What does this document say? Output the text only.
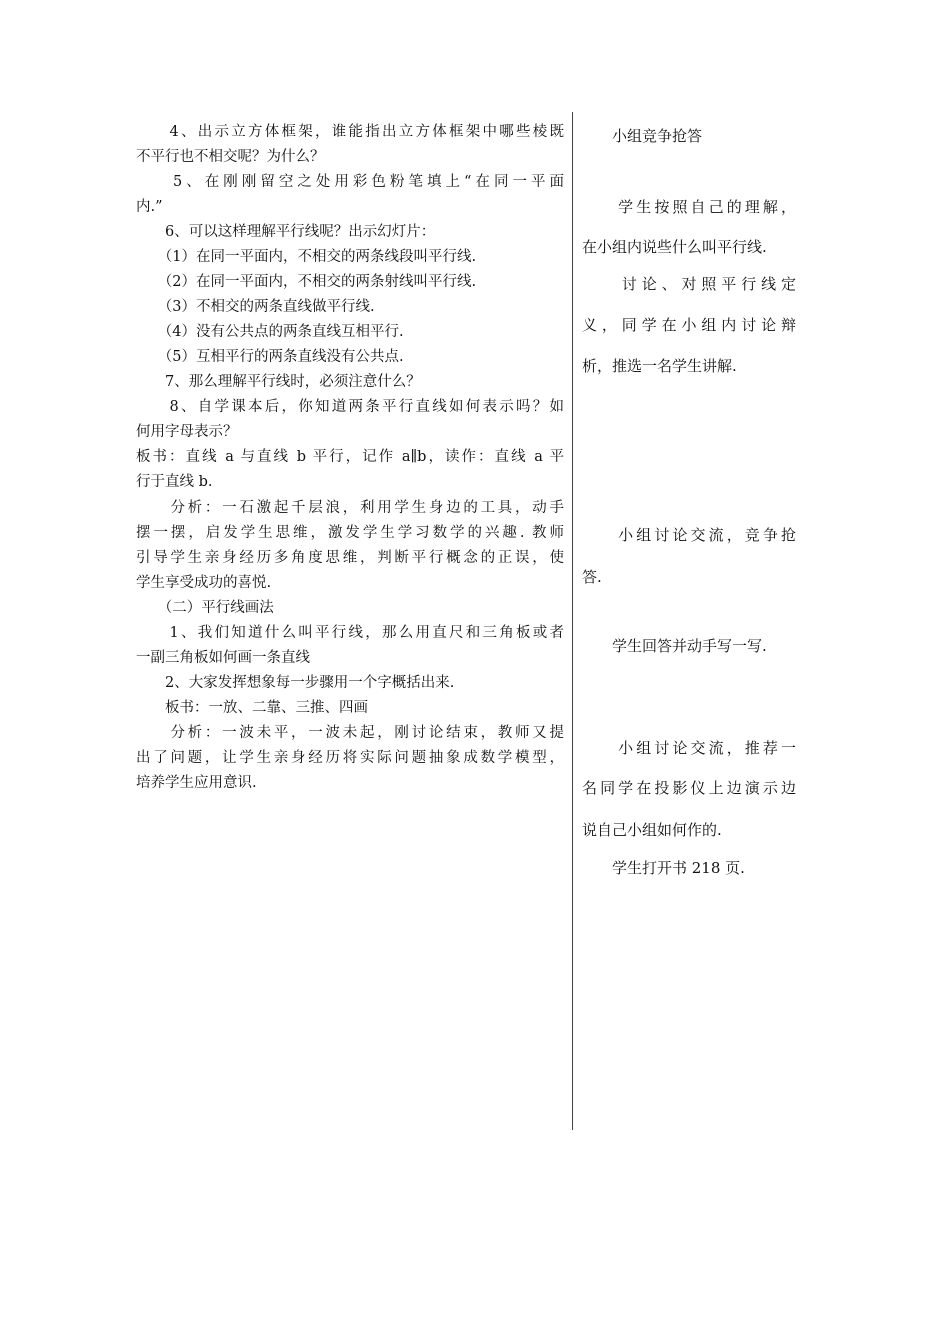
　　4、出示立方体框架，谁能指出立方体框架中哪些棱既
不平行也不相交呢？为什么？
　　5、在刚刚留空之处用彩色粉笔填上“在同一平面
内.”
　　6、可以这样理解平行线呢？出示幻灯片：
　　（1）在同一平面内，不相交的两条线段叫平行线.
　　（2）在同一平面内，不相交的两条射线叫平行线.
　　（3）不相交的两条直线做平行线.
　　（4）没有公共点的两条直线互相平行.
　　（5）互相平行的两条直线没有公共点.
　　7、那么理解平行线时，必须注意什么？
　　8、自学课本后，你知道两条平行直线如何表示吗？如
何用字母表示？
板书：直线 a 与直线 b 平行，记作 a∥b，读作：直线 a 平
行于直线 b.
　　分析：一石激起千层浪，利用学生身边的工具，动手
摆一摆，启发学生思维，激发学生学习数学的兴趣. 教师
引导学生亲身经历多角度思维，判断平行概念的正误，使
学生享受成功的喜悦.
　　（二）平行线画法
　　1、我们知道什么叫平行线，那么用直尺和三角板或者
一副三角板如何画一条直线
　　2、大家发挥想象每一步骤用一个字概括出来.
　　板书：一放、二靠、三推、四画
　　分析：一波未平，一波未起，刚讨论结束，教师又提
出了问题，让学生亲身经历将实际问题抽象成数学模型，
培养学生应用意识.
　　小组竞争抢答
　　学生按照自己的理解，
在小组内说些什么叫平行线.
　　讨论、对照平行线定
义，同学在小组内讨论辩
析，推选一名学生讲解.
　　小组讨论交流，竞争抢
答.
　　学生回答并动手写一写.
　　小组讨论交流，推荐一
名同学在投影仪上边演示边
说自己小组如何作的.
　　学生打开书 218 页.
